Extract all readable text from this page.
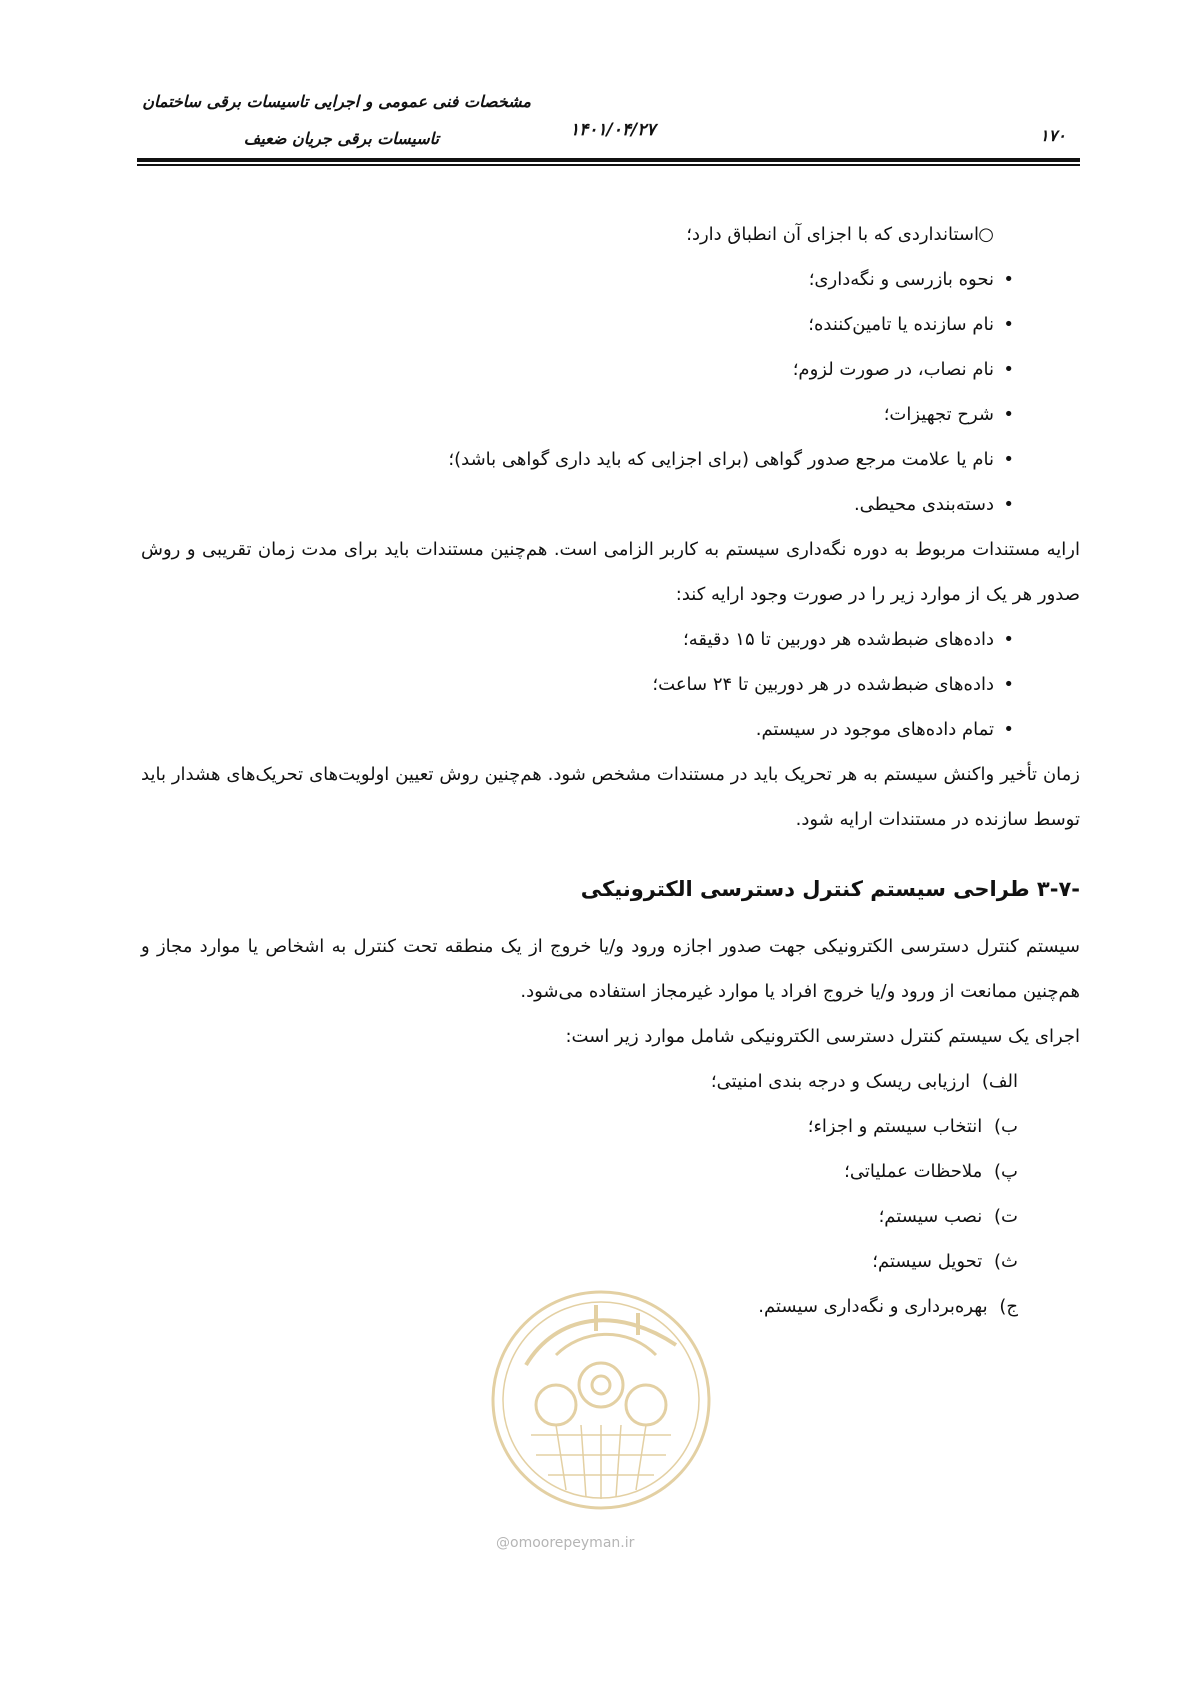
مشخصات فنی عمومی و اجرایی تاسیسات برقی ساختمان
تاسیسات برقی جریان ضعیف	۱۴۰۱/۰۴/۲۷	۱۷۰
○
استانداردی که با اجزای آن انطباق دارد؛
•
نحوه بازرسی و نگه‌داری؛
•
نام سازنده یا تامین‌کننده؛
•
نام نصاب، در صورت لزوم؛
•
شرح تجهیزات؛
•
نام یا علامت مرجع صدور گواهی (برای اجزایی که باید داری گواهی باشد)؛
•
دسته‌بندی محیطی.

ارایه مستندات مربوط به دوره نگه‌داری سیستم به کاربر الزامی است. هم‌چنین مستندات باید برای مدت زمان تقریبی و روش صدور هر یک از موارد زیر را در صورت وجود ارایه کند:

•
داده‌های ضبط‌شده هر دوربین تا ۱۵ دقیقه؛
•
داده‌های ضبط‌شده در هر دوربین تا ۲۴ ساعت؛
•
تمام داده‌های موجود در سیستم.

زمان تأخیر واکنش سیستم به هر تحریک باید در مستندات مشخص شود. هم‌چنین روش تعیین اولویت‌های تحریک‌های هشدار باید توسط سازنده در مستندات ارایه شود.

۳-۷- طراحی سیستم کنترل دسترسی الکترونیکی

سیستم کنترل دسترسی الکترونیکی جهت صدور اجازه ورود و/یا خروج از یک منطقه تحت کنترل به اشخاص یا موارد مجاز و هم‌چنین ممانعت از ورود و/یا خروج افراد یا موارد غیرمجاز استفاده می‌شود.

اجرای یک سیستم کنترل دسترسی الکترونیکی شامل موارد زیر است:

الف) ارزیابی ریسک و درجه بندی امنیتی؛
ب) انتخاب سیستم و اجزاء؛
پ) ملاحظات عملیاتی؛
ت) نصب سیستم؛
ث) تحویل سیستم؛
ج) بهره‌برداری و نگه‌داری سیستم.
@omoorepeyman.ir
